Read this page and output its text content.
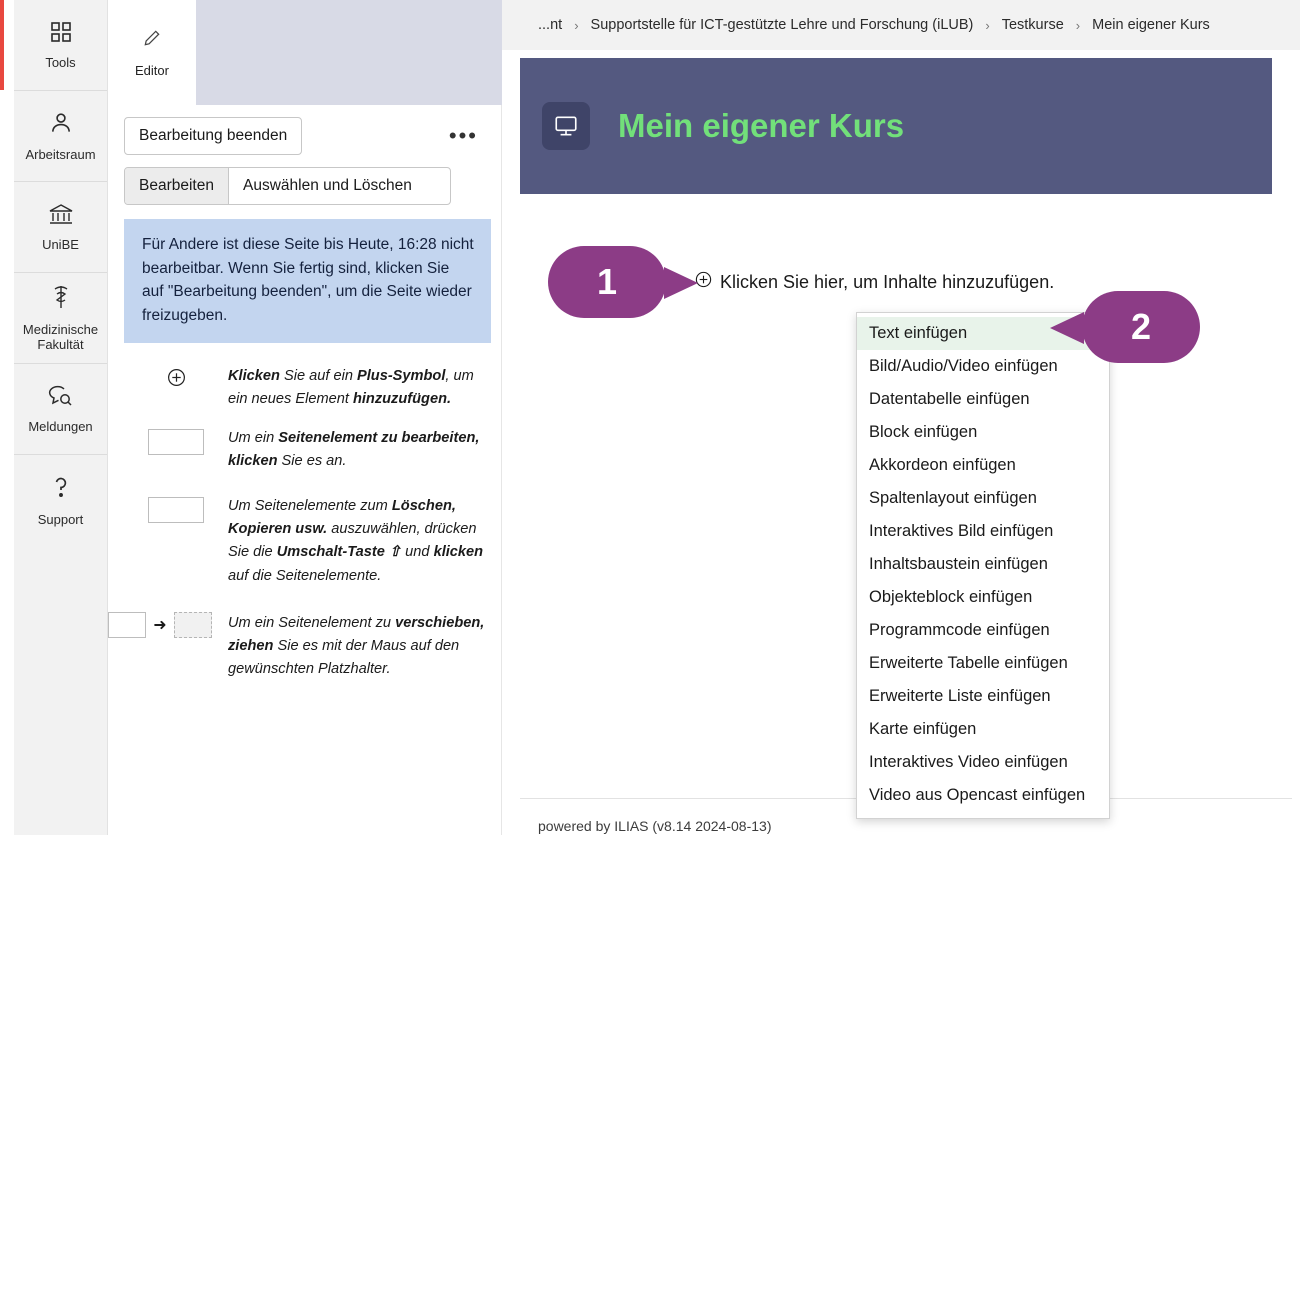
Tools
Arbeitsraum
UniBE
Medizinische Fakultät
Meldungen
Support
Editor
Bearbeitung beenden	•••
Bearbeiten	Auswählen und Löschen
Für Andere ist diese Seite bis Heute, 16:28 nicht bearbeitbar. Wenn Sie fertig sind, klicken Sie auf "Bearbeitung beenden", um die Seite wieder freizugeben.
Klicken Sie auf ein Plus-Symbol, um ein neues Element hinzuzufügen.
Um ein Seitenelement zu bearbeiten, klicken Sie es an.
Um Seitenelemente zum Löschen, Kopieren usw. auszuwählen, drücken Sie die Umschalt-Taste ⇧ und klicken auf die Seitenelemente.
➜	Um ein Seitenelement zu verschieben, ziehen Sie es mit der Maus auf den gewünschten Platzhalter.
...nt › Supportstelle für ICT-gestützte Lehre und Forschung (iLUB) › Testkurse › Mein eigener Kurs
Mein eigener Kurs
Klicken Sie hier, um Inhalte hinzuzufügen.
powered by ILIAS (v8.14 2024-08-13)
Text einfügen
Bild/Audio/Video einfügen
Datentabelle einfügen
Block einfügen
Akkordeon einfügen
Spaltenlayout einfügen
Interaktives Bild einfügen
Inhaltsbaustein einfügen
Objekteblock einfügen
Programmcode einfügen
Erweiterte Tabelle einfügen
Erweiterte Liste einfügen
Karte einfügen
Interaktives Video einfügen
Video aus Opencast einfügen
1
2
